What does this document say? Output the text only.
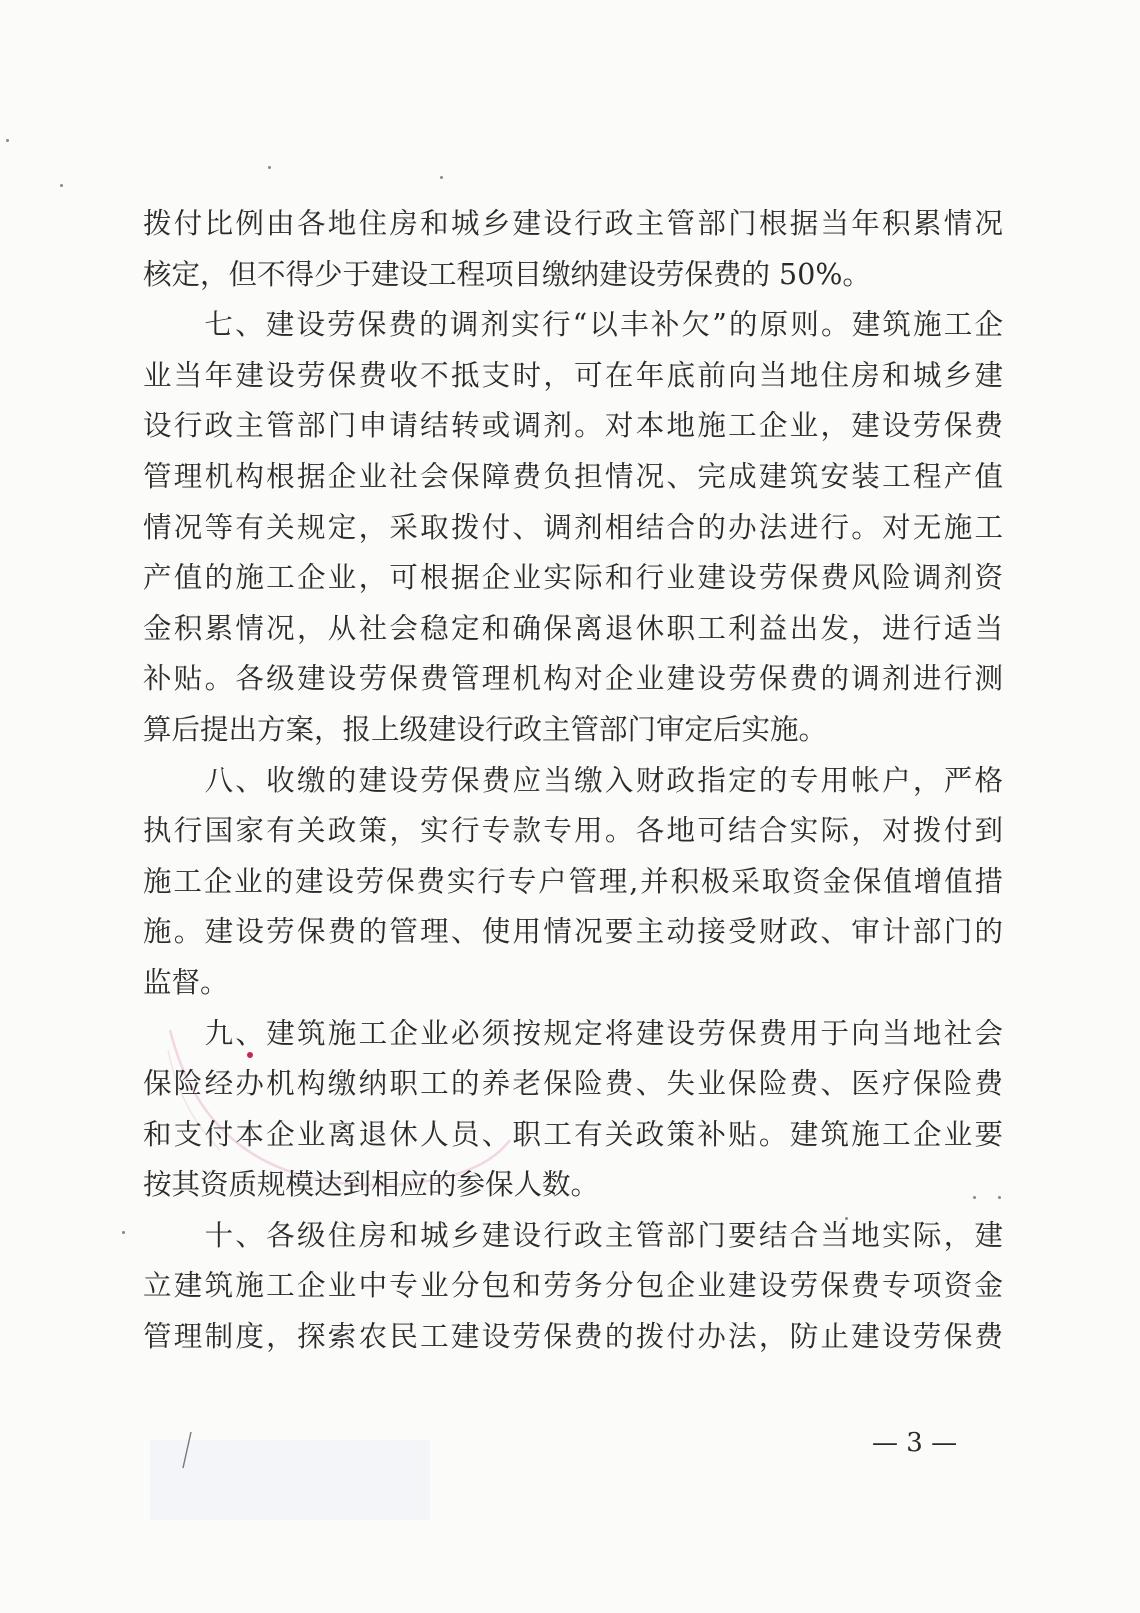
拨付比例由各地住房和城乡建设行政主管部门根据当年积累情况
核定，但不得少于建设工程项目缴纳建设劳保费的 50%。
　　七、建设劳保费的调剂实行“以丰补欠”的原则。建筑施工企
业当年建设劳保费收不抵支时，可在年底前向当地住房和城乡建
设行政主管部门申请结转或调剂。对本地施工企业，建设劳保费
管理机构根据企业社会保障费负担情况、完成建筑安装工程产值
情况等有关规定，采取拨付、调剂相结合的办法进行。对无施工
产值的施工企业，可根据企业实际和行业建设劳保费风险调剂资
金积累情况，从社会稳定和确保离退休职工利益出发，进行适当
补贴。各级建设劳保费管理机构对企业建设劳保费的调剂进行测
算后提出方案，报上级建设行政主管部门审定后实施。
　　八、收缴的建设劳保费应当缴入财政指定的专用帐户，严格
执行国家有关政策，实行专款专用。各地可结合实际，对拨付到
施工企业的建设劳保费实行专户管理,并积极采取资金保值增值措
施。建设劳保费的管理、使用情况要主动接受财政、审计部门的
监督。
　　九、建筑施工企业必须按规定将建设劳保费用于向当地社会
保险经办机构缴纳职工的养老保险费、失业保险费、医疗保险费
和支付本企业离退休人员、职工有关政策补贴。建筑施工企业要
按其资质规模达到相应的参保人数。
　　十、各级住房和城乡建设行政主管部门要结合当地实际，建
立建筑施工企业中专业分包和劳务分包企业建设劳保费专项资金
管理制度，探索农民工建设劳保费的拨付办法，防止建设劳保费
— 3 —
